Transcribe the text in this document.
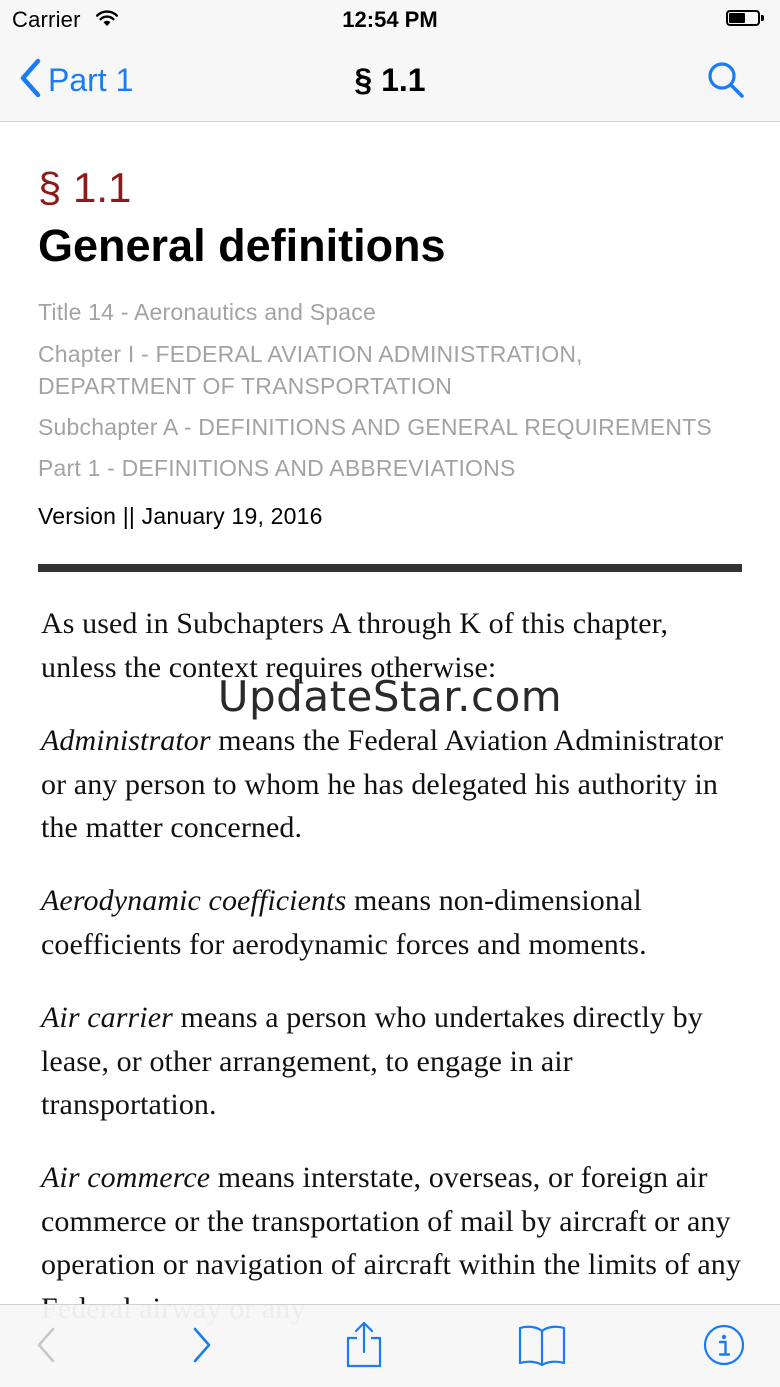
Carrier	12:54 PM
Part 1	§ 1.1
§ 1.1
General definitions
Title 14 - Aeronautics and Space
Chapter I - FEDERAL AVIATION ADMINISTRATION, DEPARTMENT OF TRANSPORTATION
Subchapter A - DEFINITIONS AND GENERAL REQUIREMENTS
Part 1 - DEFINITIONS AND ABBREVIATIONS
Version || January 19, 2016

As used in Subchapters A through K of this chapter, unless the context requires otherwise:

Administrator means the Federal Aviation Administrator or any person to whom he has delegated his authority in the matter concerned.

Aerodynamic coefficients means non-dimensional coefficients for aerodynamic forces and moments.

Air carrier means a person who undertakes directly by lease, or other arrangement, to engage in air transportation.

Air commerce means interstate, overseas, or foreign air commerce or the transportation of mail by aircraft or any operation or navigation of aircraft within the limits of any

UpdateStar.com
